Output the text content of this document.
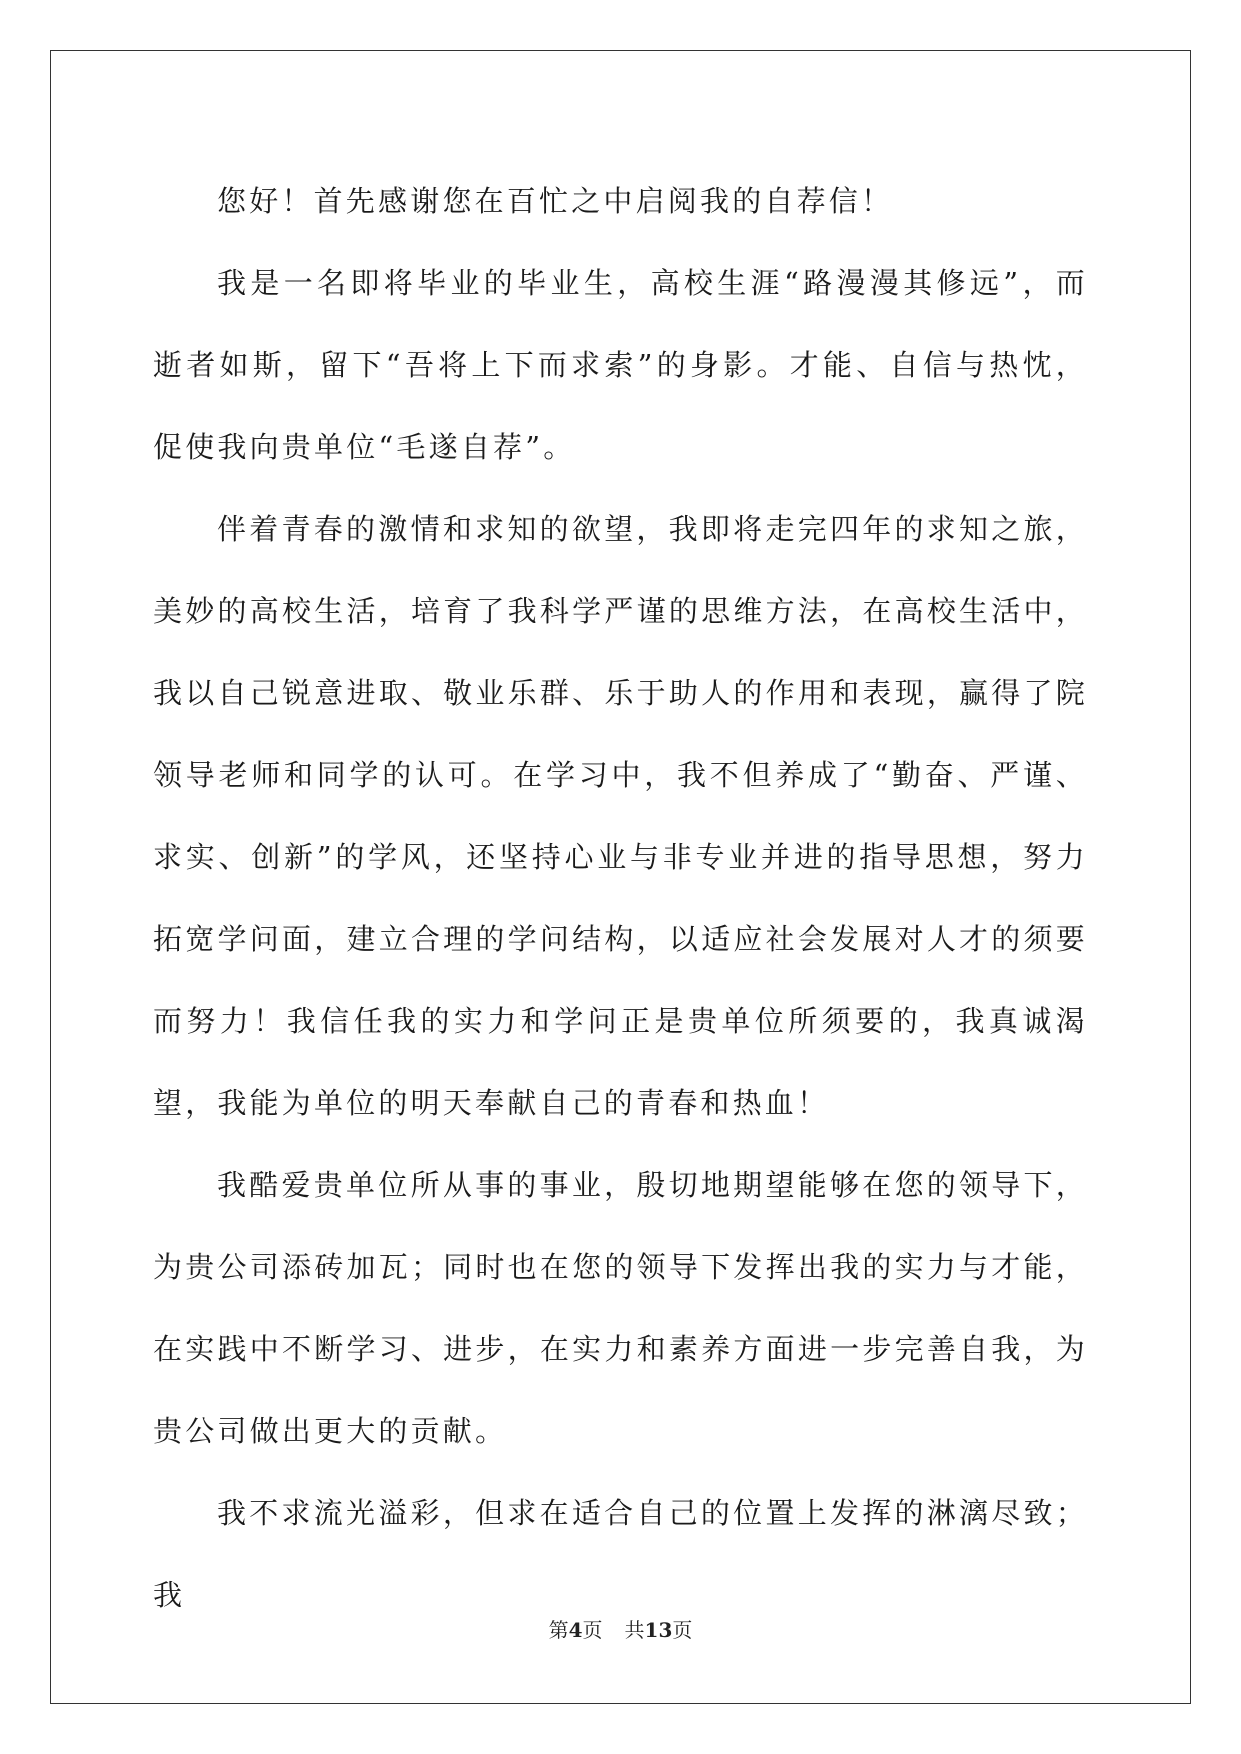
您好！首先感谢您在百忙之中启阅我的自荐信！

我是一名即将毕业的毕业生，高校生涯“路漫漫其修远”，而逝者如斯，留下“吾将上下而求索”的身影。才能、自信与热忱，促使我向贵单位“毛遂自荐”。

伴着青春的激情和求知的欲望，我即将走完四年的求知之旅，美妙的高校生活，培育了我科学严谨的思维方法，在高校生活中，我以自己锐意进取、敬业乐群、乐于助人的作用和表现，赢得了院领导老师和同学的认可。在学习中，我不但养成了“勤奋、严谨、求实、创新”的学风，还坚持心业与非专业并进的指导思想，努力拓宽学问面，建立合理的学问结构，以适应社会发展对人才的须要而努力！我信任我的实力和学问正是贵单位所须要的，我真诚渴望，我能为单位的明天奉献自己的青春和热血！

我酷爱贵单位所从事的事业，殷切地期望能够在您的领导下，为贵公司添砖加瓦；同时也在您的领导下发挥出我的实力与才能，在实践中不断学习、进步，在实力和素养方面进一步完善自我，为贵公司做出更大的贡献。

我不求流光溢彩，但求在适合自己的位置上发挥的淋漓尽致；我

第4页 共13页
